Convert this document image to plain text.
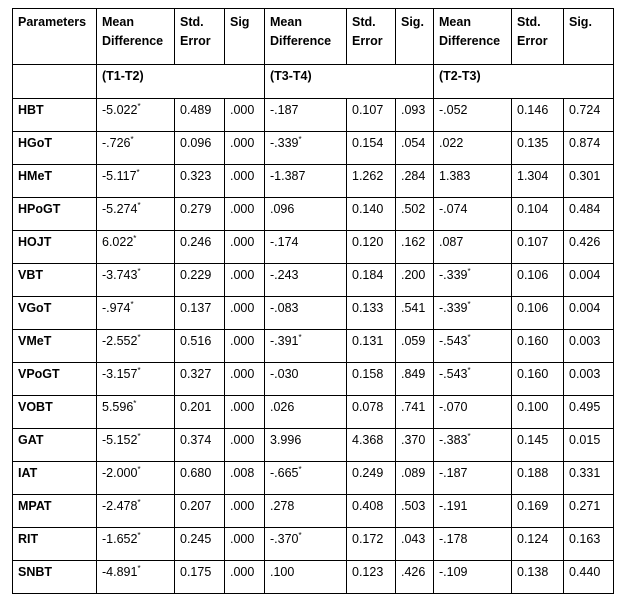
Parameters	Mean Difference	Std. Error	Sig	Mean Difference	Std. Error	Sig.	Mean Difference	Std. Error	Sig.
	(T1-T2)			(T3-T4)			(T2-T3)		
HBT	-5.022*	0.489	.000	-.187	0.107	.093	-.052	0.146	0.724
HGoT	-.726*	0.096	.000	-.339*	0.154	.054	.022	0.135	0.874
HMeT	-5.117*	0.323	.000	-1.387	1.262	.284	1.383	1.304	0.301
HPoGT	-5.274*	0.279	.000	.096	0.140	.502	-.074	0.104	0.484
HOJT	6.022*	0.246	.000	-.174	0.120	.162	.087	0.107	0.426
VBT	-3.743*	0.229	.000	-.243	0.184	.200	-.339*	0.106	0.004
VGoT	-.974*	0.137	.000	-.083	0.133	.541	-.339*	0.106	0.004
VMeT	-2.552*	0.516	.000	-.391*	0.131	.059	-.543*	0.160	0.003
VPoGT	-3.157*	0.327	.000	-.030	0.158	.849	-.543*	0.160	0.003
VOBT	5.596*	0.201	.000	.026	0.078	.741	-.070	0.100	0.495
GAT	-5.152*	0.374	.000	3.996	4.368	.370	-.383*	0.145	0.015
IAT	-2.000*	0.680	.008	-.665*	0.249	.089	-.187	0.188	0.331
MPAT	-2.478*	0.207	.000	.278	0.408	.503	-.191	0.169	0.271
RIT	-1.652*	0.245	.000	-.370*	0.172	.043	-.178	0.124	0.163
SNBT	-4.891*	0.175	.000	.100	0.123	.426	-.109	0.138	0.440
